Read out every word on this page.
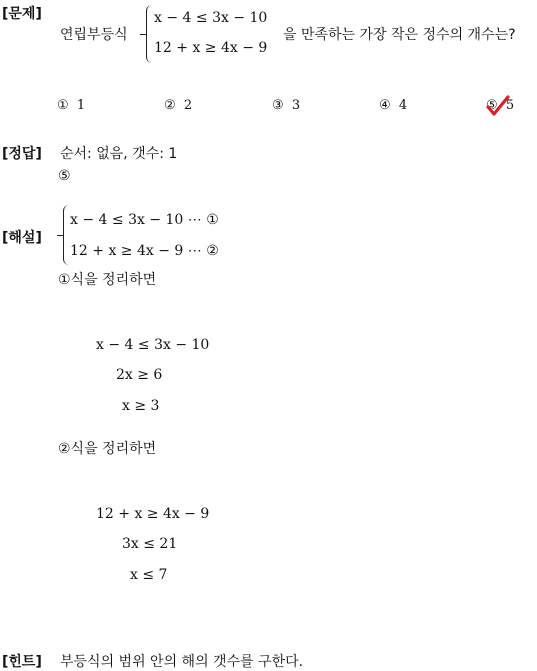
[문제]
연립부등식
x − 4 ≤ 3x − 10
12 + x ≥ 4x − 9
을 만족하는 가장 작은 정수의 개수는?
① 1	② 2	③ 3	④ 4	⑤ 5
[정답] 순서: 없음, 갯수: 1
⑤
[해설]
x − 4 ≤ 3x − 10 ⋯ ①
12 + x ≥ 4x − 9 ⋯ ②
①식을 정리하면
x − 4 ≤ 3x − 10
2x ≥ 6
x ≥ 3
②식을 정리하면
12 + x ≥ 4x − 9
3x ≤ 21
x ≤ 7
[힌트] 부등식의 범위 안의 해의 갯수를 구한다.
